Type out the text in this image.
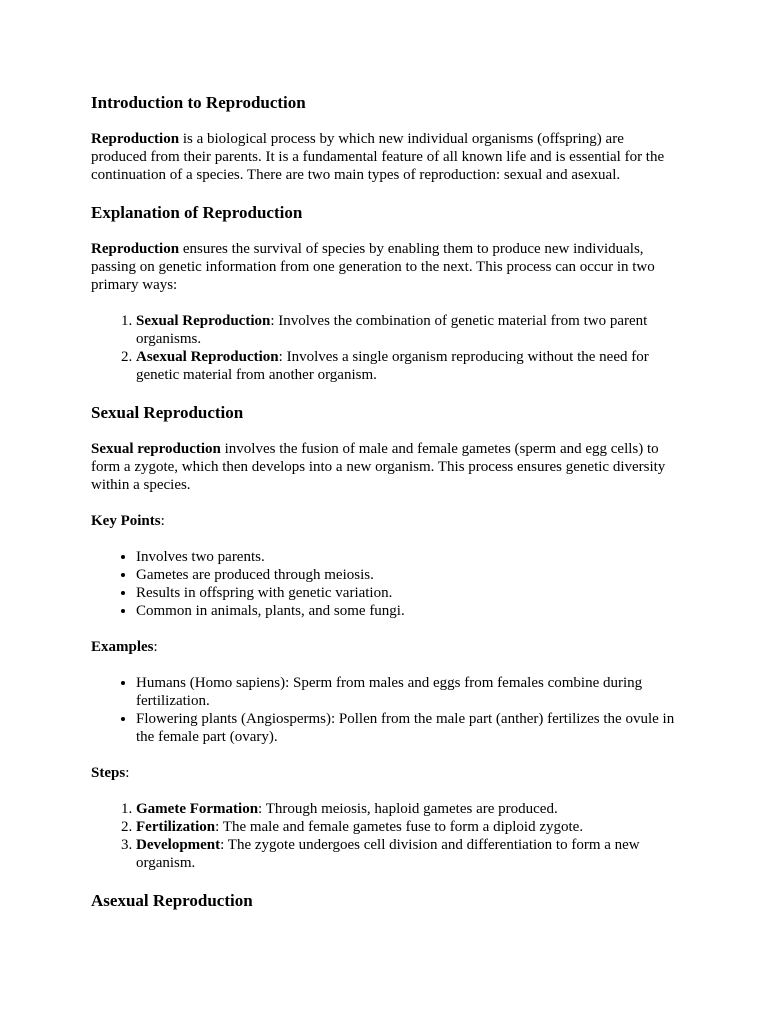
Introduction to Reproduction

Reproduction is a biological process by which new individual organisms (offspring) are produced from their parents. It is a fundamental feature of all known life and is essential for the continuation of a species. There are two main types of reproduction: sexual and asexual.

Explanation of Reproduction

Reproduction ensures the survival of species by enabling them to produce new individuals, passing on genetic information from one generation to the next. This process can occur in two primary ways:

1. Sexual Reproduction: Involves the combination of genetic material from two parent organisms.
2. Asexual Reproduction: Involves a single organism reproducing without the need for genetic material from another organism.
Sexual Reproduction

Sexual reproduction involves the fusion of male and female gametes (sperm and egg cells) to form a zygote, which then develops into a new organism. This process ensures genetic diversity within a species.

Key Points:

• Involves two parents.
• Gametes are produced through meiosis.
• Results in offspring with genetic variation.
• Common in animals, plants, and some fungi.

Examples:

• Humans (Homo sapiens): Sperm from males and eggs from females combine during fertilization.
• Flowering plants (Angiosperms): Pollen from the male part (anther) fertilizes the ovule in the female part (ovary).

Steps:

1. Gamete Formation: Through meiosis, haploid gametes are produced.
2. Fertilization: The male and female gametes fuse to form a diploid zygote.
3. Development: The zygote undergoes cell division and differentiation to form a new organism.
Asexual Reproduction
